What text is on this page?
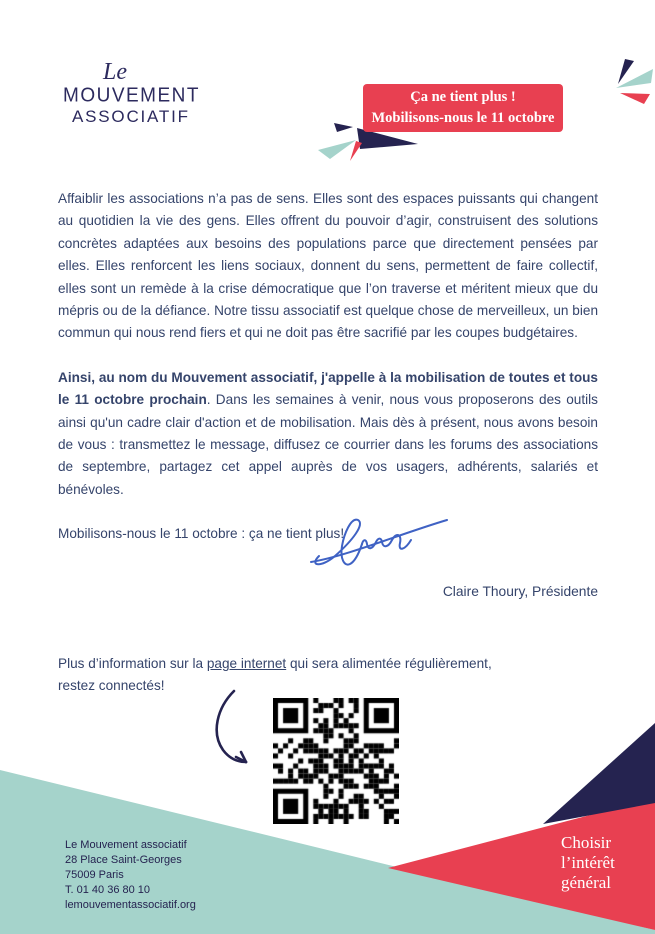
Le
MOUVEMENT
ASSOCIATIF
Ça ne tient plus !
Mobilisons-nous le 11 octobre

Affaiblir les associations n’a pas de sens. Elles sont des espaces puissants qui changent au quotidien la vie des gens. Elles offrent du pouvoir d’agir, construisent des solutions concrètes adaptées aux besoins des populations parce que directement pensées par elles. Elles renforcent les liens sociaux, donnent du sens, permettent de faire collectif, elles sont un remède à la crise démocratique que l’on traverse et méritent mieux que du mépris ou de la défiance. Notre tissu associatif est quelque chose de merveilleux, un bien commun qui nous rend fiers et qui ne doit pas être sacrifié par les coupes budgétaires.

Ainsi, au nom du Mouvement associatif, j'appelle à la mobilisation de toutes et tous le 11 octobre prochain. Dans les semaines à venir, nous vous proposerons des outils ainsi qu'un cadre clair d'action et de mobilisation. Mais dès à présent, nous avons besoin de vous : transmettez le message, diffusez ce courrier dans les forums des associations de septembre, partagez cet appel auprès de vos usagers, adhérents, salariés et bénévoles.

Mobilisons-nous le 11 octobre : ça ne tient plus!

Claire Thoury, Présidente
Plus d’information sur la page internet qui sera alimentée régulièrement,
restez connectés!
Le Mouvement associatif
28 Place Saint-Georges
75009 Paris
T. 01 40 36 80 10
lemouvementassociatif.org
Choisir
l’intérêt
général
